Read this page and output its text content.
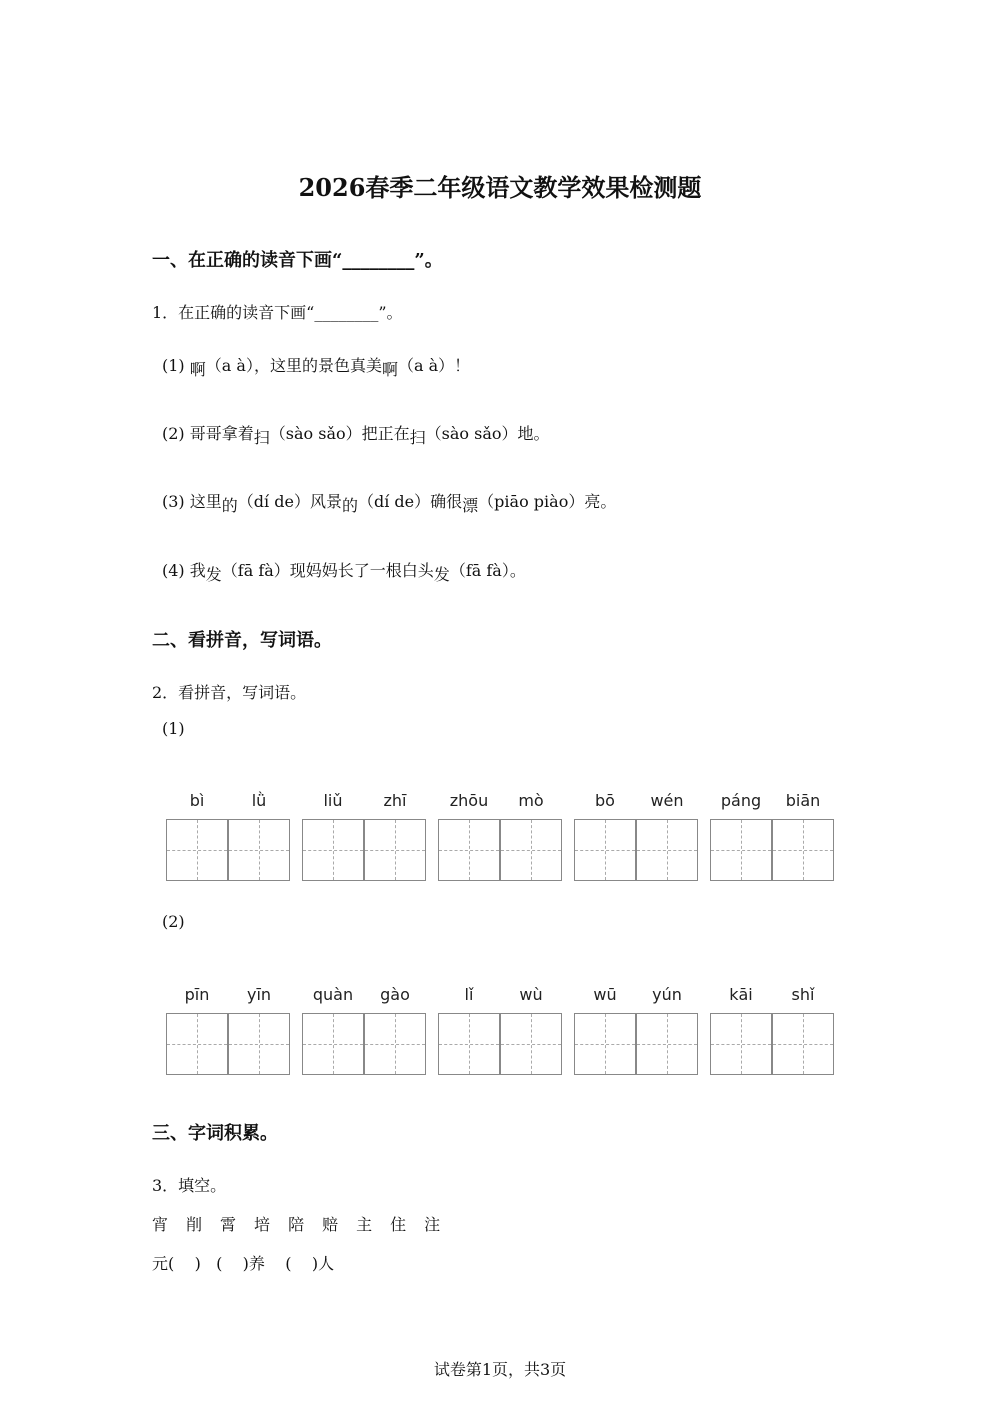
2026春季二年级语文教学效果检测题
一、在正确的读音下画“________”。
1．在正确的读音下画“________”。
(1) 啊（a à），这里的景色真美啊（a à）！
(2) 哥哥拿着扫（sào sǎo）把正在扫（sào sǎo）地。
(3) 这里的（dí de）风景的（dí de）确很漂（piāo piào）亮。
(4) 我发（fā fà）现妈妈长了一根白头发（fā fà）。
二、看拼音，写词语。
2．看拼音，写词语。
(1)
bì	lǜ	liǔ	zhī	zhōu	mò	bō	wén	páng	biān
(2)
pīn	yīn	quàn	gào	lǐ	wù	wū	yún	kāi	shǐ
三、字词积累。
3．填空。
宵 削 霄 培 陪 赔 主 住 注
元(    )   (    )养    (    )人
试卷第1页，共3页
